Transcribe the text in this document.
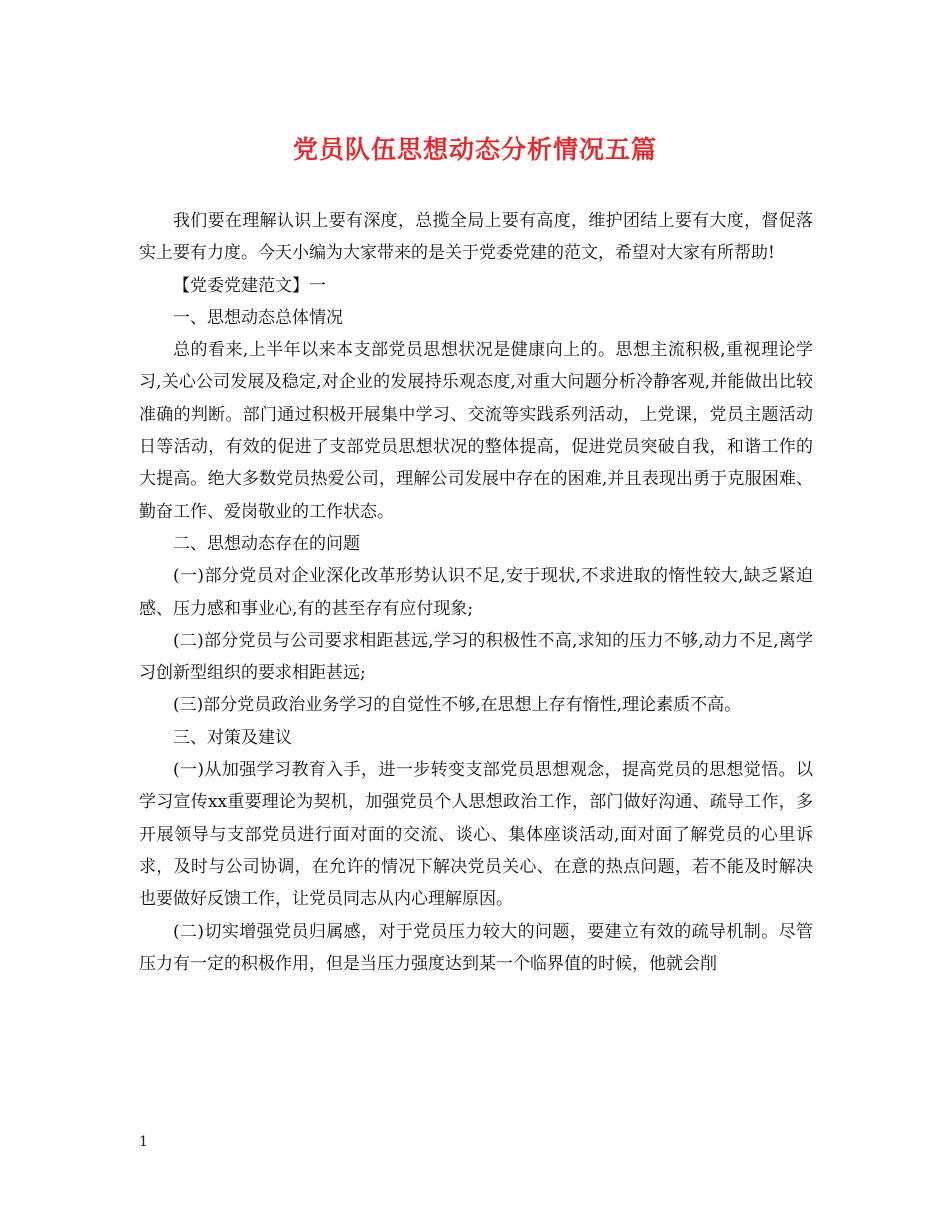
党员队伍思想动态分析情况五篇

我们要在理解认识上要有深度，总揽全局上要有高度，维护团结上要有大度，督促落实上要有力度。今天小编为大家带来的是关于党委党建的范文，希望对大家有所帮助!

【党委党建范文】一

一、思想动态总体情况

总的看来,上半年以来本支部党员思想状况是健康向上的。思想主流积极,重视理论学习,关心公司发展及稳定,对企业的发展持乐观态度,对重大问题分析冷静客观,并能做出比较准确的判断。部门通过积极开展集中学习、交流等实践系列活动，上党课，党员主题活动日等活动，有效的促进了支部党员思想状况的整体提高，促进党员突破自我，和谐工作的大提高。绝大多数党员热爱公司，理解公司发展中存在的困难,并且表现出勇于克服困难、勤奋工作、爱岗敬业的工作状态。

二、思想动态存在的问题

(一)部分党员对企业深化改革形势认识不足,安于现状,不求进取的惰性较大,缺乏紧迫感、压力感和事业心,有的甚至存有应付现象;

(二)部分党员与公司要求相距甚远,学习的积极性不高,求知的压力不够,动力不足,离学习创新型组织的要求相距甚远;

(三)部分党员政治业务学习的自觉性不够,在思想上存有惰性,理论素质不高。

三、对策及建议

(一)从加强学习教育入手，进一步转变支部党员思想观念，提高党员的思想觉悟。以学习宣传xx重要理论为契机，加强党员个人思想政治工作，部门做好沟通、疏导工作，多开展领导与支部党员进行面对面的交流、谈心、集体座谈活动,面对面了解党员的心里诉求，及时与公司协调，在允许的情况下解决党员关心、在意的热点问题，若不能及时解决也要做好反馈工作，让党员同志从内心理解原因。

(二)切实增强党员归属感，对于党员压力较大的问题，要建立有效的疏导机制。尽管压力有一定的积极作用，但是当压力强度达到某一个临界值的时候，他就会削

1
